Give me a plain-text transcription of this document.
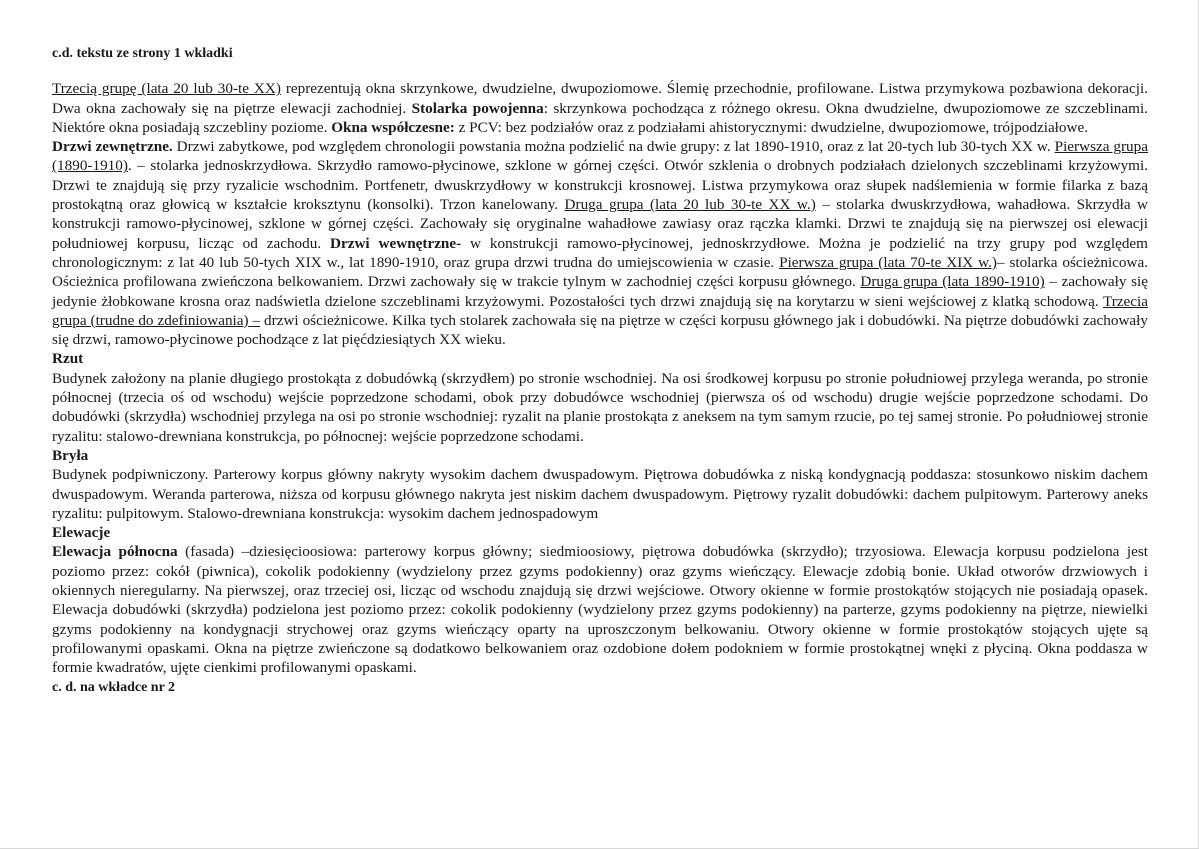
c.d. tekstu ze strony 1 wkładki

Trzecią grupę (lata 20 lub 30-te XX) reprezentują okna skrzynkowe, dwudzielne, dwupoziomowe. Ślemię przechodnie, profilowane. Listwa przymykowa pozbawiona dekoracji. Dwa okna zachowały się na piętrze elewacji zachodniej. Stolarka powojenna: skrzynkowa pochodząca z różnego okresu. Okna dwudzielne, dwupoziomowe ze szczeblinami. Niektóre okna posiadają szczebliny poziome. Okna współczesne: z PCV: bez podziałów oraz z podziałami ahistorycznymi: dwudzielne, dwupoziomowe, trójpodziałowe.

Drzwi zewnętrzne. Drzwi zabytkowe, pod względem chronologii powstania można podzielić na dwie grupy: z lat 1890-1910, oraz z lat 20-tych lub 30-tych XX w. Pierwsza grupa (1890-1910). – stolarka jednoskrzydłowa. Skrzydło ramowo-płycinowe, szklone w górnej części. Otwór szklenia o drobnych podziałach dzielonych szczeblinami krzyżowymi. Drzwi te znajdują się przy ryzalicie wschodnim. Portfenetr, dwuskrzydłowy w konstrukcji krosnowej. Listwa przymykowa oraz słupek nadślemienia w formie filarka z bazą prostokątną oraz głowicą w kształcie kroksztynu (konsolki). Trzon kanelowany. Druga grupa (lata 20 lub 30-te XX w.) – stolarka dwuskrzydłowa, wahadłowa. Skrzydła w konstrukcji ramowo-płycinowej, szklone w górnej części. Zachowały się oryginalne wahadłowe zawiasy oraz rączka klamki. Drzwi te znajdują się na pierwszej osi elewacji południowej korpusu, licząc od zachodu. Drzwi wewnętrzne- w konstrukcji ramowo-płycinowej, jednoskrzydłowe. Można je podzielić na trzy grupy pod względem chronologicznym: z lat 40 lub 50-tych XIX w., lat 1890-1910, oraz grupa drzwi trudna do umiejscowienia w czasie. Pierwsza grupa (lata 70-te XIX w.)– stolarka ościeżnicowa. Ościeżnica profilowana zwieńczona belkowaniem. Drzwi zachowały się w trakcie tylnym w zachodniej części korpusu głównego. Druga grupa (lata 1890-1910) – zachowały się jedynie żłobkowane krosna oraz nadświetla dzielone szczeblinami krzyżowymi. Pozostałości tych drzwi znajdują się na korytarzu w sieni wejściowej z klatką schodową. Trzecia grupa (trudne do zdefiniowania) – drzwi ościeżnicowe. Kilka tych stolarek zachowała się na piętrze w części korpusu głównego jak i dobudówki. Na piętrze dobudówki zachowały się drzwi, ramowo-płycinowe pochodzące z lat pięćdziesiątych XX wieku.

Rzut

Budynek założony na planie długiego prostokąta z dobudówką (skrzydłem) po stronie wschodniej. Na osi środkowej korpusu po stronie południowej przylega weranda, po stronie północnej (trzecia oś od wschodu) wejście poprzedzone schodami, obok przy dobudówce wschodniej (pierwsza oś od wschodu) drugie wejście poprzedzone schodami. Do dobudówki (skrzydła) wschodniej przylega na osi po stronie wschodniej: ryzalit na planie prostokąta z aneksem na tym samym rzucie, po tej samej stronie. Po południowej stronie ryzalitu: stalowo-drewniana konstrukcja, po północnej: wejście poprzedzone schodami.

Bryła

Budynek podpiwniczony. Parterowy korpus główny nakryty wysokim dachem dwuspadowym. Piętrowa dobudówka z niską kondygnacją poddasza: stosunkowo niskim dachem dwuspadowym. Weranda parterowa, niższa od korpusu głównego nakryta jest niskim dachem dwuspadowym. Piętrowy ryzalit dobudówki: dachem pulpitowym. Parterowy aneks ryzalitu: pulpitowym. Stalowo-drewniana konstrukcja: wysokim dachem jednospadowym

Elewacje

Elewacja północna (fasada) –dziesięcioosiowa: parterowy korpus główny; siedmioosiowy, piętrowa dobudówka (skrzydło); trzyosiowa. Elewacja korpusu podzielona jest poziomo przez: cokół (piwnica), cokolik podokienny (wydzielony przez gzyms podokienny) oraz gzyms wieńczący. Elewacje zdobią bonie. Układ otworów drzwiowych i okiennych nieregularny. Na pierwszej, oraz trzeciej osi, licząc od wschodu znajdują się drzwi wejściowe. Otwory okienne w formie prostokątów stojących nie posiadają opasek. Elewacja dobudówki (skrzydła) podzielona jest poziomo przez: cokolik podokienny (wydzielony przez gzyms podokienny) na parterze, gzyms podokienny na piętrze, niewielki gzyms podokienny na kondygnacji strychowej oraz gzyms wieńczący oparty na uproszczonym belkowaniu. Otwory okienne w formie prostokątów stojących ujęte są profilowanymi opaskami. Okna na piętrze zwieńczone są dodatkowo belkowaniem oraz ozdobione dołem podokniem w formie prostokątnej wnęki z płyciną. Okna poddasza w formie kwadratów, ujęte cienkimi profilowanymi opaskami.

c. d. na wkładce nr 2
